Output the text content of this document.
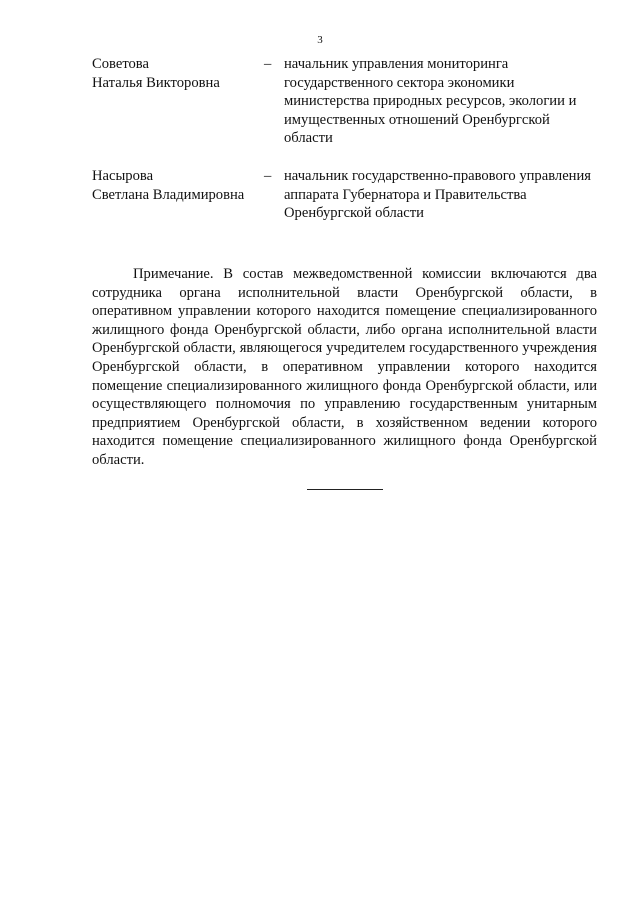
3
Советова
Наталья Викторовна
– начальник управления мониторинга государственного сектора экономики министерства природных ресурсов, экологии и имущественных отношений Оренбургской области
Насырова
Светлана Владимировна
– начальник государственно-правового управления аппарата Губернатора и Правительства Оренбургской области

Примечание. В состав межведомственной комиссии включаются два сотрудника органа исполнительной власти Оренбургской области, в оперативном управлении которого находится помещение специализированного жилищного фонда Оренбургской области, либо органа исполнительной власти Оренбургской области, являющегося учредителем государственного учреждения Оренбургской области, в оперативном управлении которого находится помещение специализированного жилищного фонда Оренбургской области, или осуществляющего полномочия по управлению государственным унитарным предприятием Оренбургской области, в хозяйственном ведении которого находится помещение специализированного жилищного фонда Оренбургской области.
